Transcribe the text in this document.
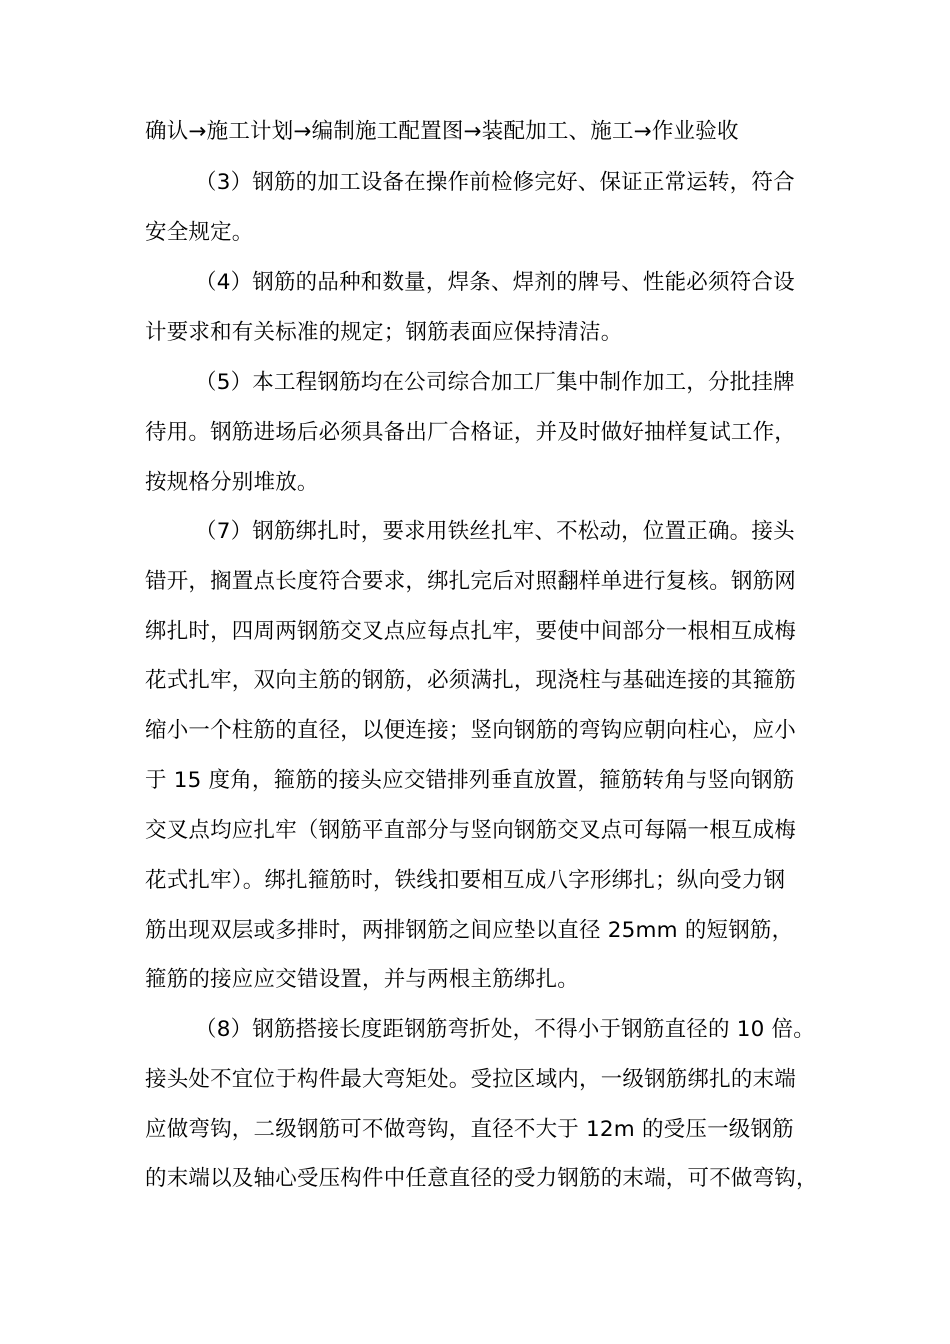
确认→施工计划→编制施工配置图→装配加工、施工→作业验收
（3）钢筋的加工设备在操作前检修完好、保证正常运转，符合
安全规定。
（4）钢筋的品种和数量，焊条、焊剂的牌号、性能必须符合设
计要求和有关标准的规定；钢筋表面应保持清洁。
（5）本工程钢筋均在公司综合加工厂集中制作加工，分批挂牌
待用。钢筋进场后必须具备出厂合格证，并及时做好抽样复试工作，
按规格分别堆放。
（7）钢筋绑扎时，要求用铁丝扎牢、不松动，位置正确。接头
错开，搁置点长度符合要求，绑扎完后对照翻样单进行复核。钢筋网
绑扎时，四周两钢筋交叉点应每点扎牢，要使中间部分一根相互成梅
花式扎牢，双向主筋的钢筋，必须满扎，现浇柱与基础连接的其箍筋
缩小一个柱筋的直径，以便连接；竖向钢筋的弯钩应朝向柱心，应小
于 15 度角，箍筋的接头应交错排列垂直放置，箍筋转角与竖向钢筋
交叉点均应扎牢（钢筋平直部分与竖向钢筋交叉点可每隔一根互成梅
花式扎牢）。绑扎箍筋时，铁线扣要相互成八字形绑扎；纵向受力钢
筋出现双层或多排时，两排钢筋之间应垫以直径 25mm 的短钢筋，
箍筋的接应应交错设置，并与两根主筋绑扎。
（8）钢筋搭接长度距钢筋弯折处，不得小于钢筋直径的 10 倍。
接头处不宜位于构件最大弯矩处。受拉区域内，一级钢筋绑扎的末端
应做弯钩，二级钢筋可不做弯钩，直径不大于 12m 的受压一级钢筋
的末端以及轴心受压构件中任意直径的受力钢筋的末端，可不做弯钩，
